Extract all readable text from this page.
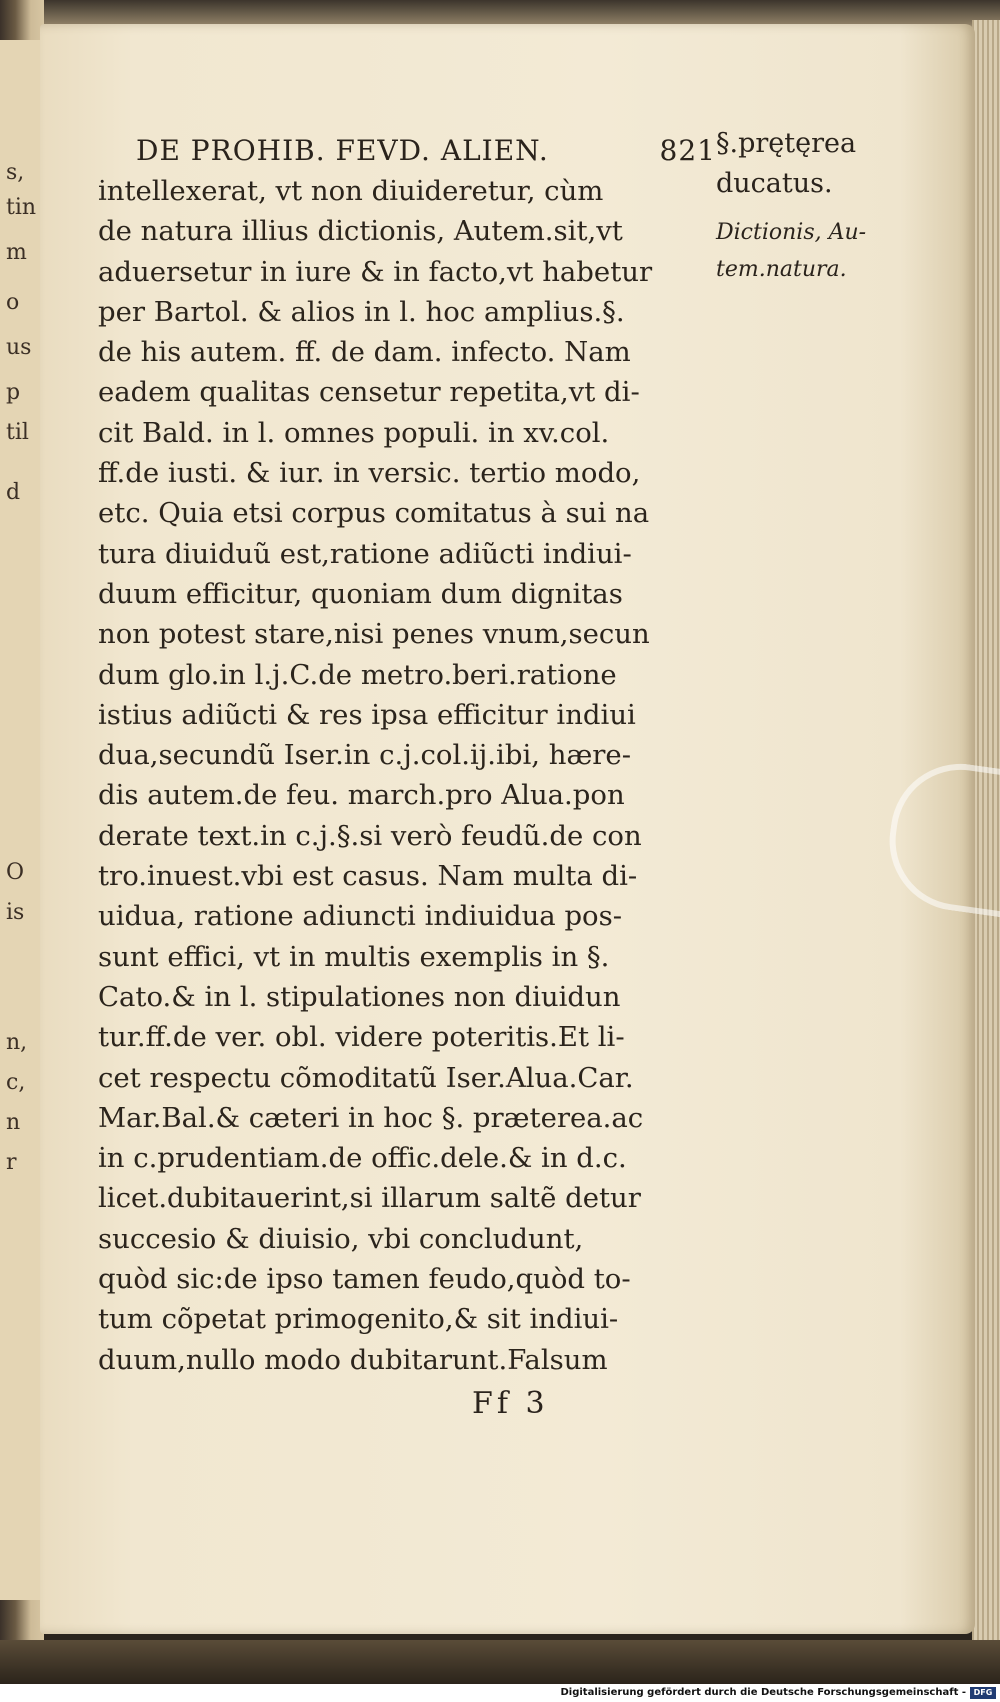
s,
tin
m
o
us
p
til
d
O
is
n,
c,
n
r
DE PROHIB. FEVD. ALIEN.	821
intellexerat, vt non diuideretur, cùm
de natura illius dictionis, Autem.sit,vt
aduersetur in iure & in facto,vt habetur
per Bartol. & alios in l. hoc amplius.§.
de his autem. ff. de dam. infecto. Nam
eadem qualitas censetur repetita,vt di-
cit Bald. in l. omnes populi. in xv.col.
ff.de iusti. & iur. in versic. tertio modo,
etc. Quia etsi corpus comitatus à sui na
tura diuiduũ est,ratione adiũcti indiui-
duum efficitur, quoniam dum dignitas
non potest stare,nisi penes vnum,secun
dum glo.in l.j.C.de metro.beri.ratione
istius adiũcti & res ipsa efficitur indiui
dua,secundũ Iser.in c.j.col.ij.ibi, hære-
dis autem.de feu. march.pro Alua.pon
derate text.in c.j.§.si verò feudũ.de con
tro.inuest.vbi est casus. Nam multa di-
uidua, ratione adiuncti indiuidua pos-
sunt effici, vt in multis exemplis in §.
Cato.& in l. stipulationes non diuidun
tur.ff.de ver. obl. videre poteritis.Et li-
cet respectu cõmoditatũ Iser.Alua.Car.
Mar.Bal.& cæteri in hoc §. præterea.ac
in c.prudentiam.de offic.dele.& in d.c.
licet.dubitauerint,si illarum saltẽ detur
succesio & diuisio, vbi concludunt,
quòd sic:de ipso tamen feudo,quòd to-
tum cõpetat primogenito,& sit indiui-
duum,nullo modo dubitarunt.Falsum
§.prętęrea
ducatus.
Dictionis, Au-
tem.natura.
Ff 3
Digitalisierung gefördert durch die Deutsche Forschungsgemeinschaft - DFG
